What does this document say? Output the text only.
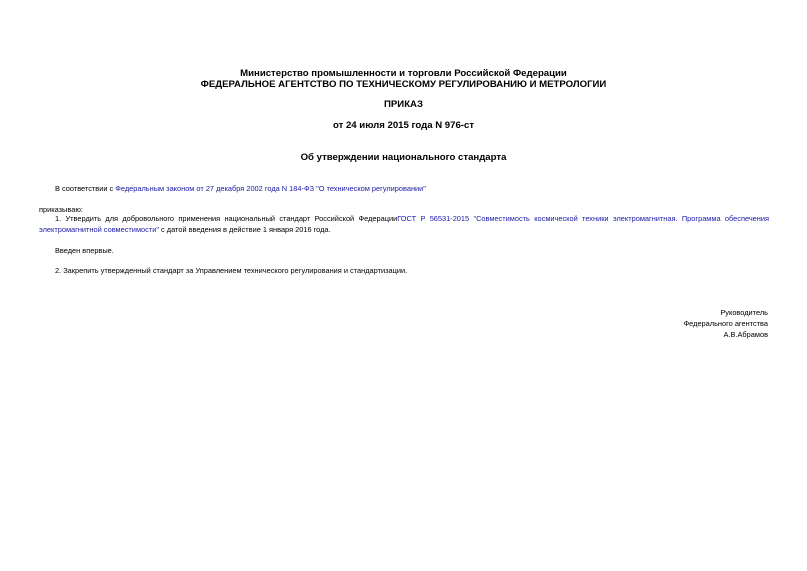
Министерство промышленности и торговли Российской Федерации
ФЕДЕРАЛЬНОЕ АГЕНТСТВО ПО ТЕХНИЧЕСКОМУ РЕГУЛИРОВАНИЮ И МЕТРОЛОГИИ
ПРИКАЗ
от 24 июля 2015 года N 976-ст
Об утверждении национального стандарта
В соответствии с Федеральным законом от 27 декабря 2002 года N 184-ФЗ "О техническом регулировании"
приказываю:
1. Утвердить для добровольного применения национальный стандарт Российской ФедерацииГОСТ Р 56531-2015 "Совместимость космической техники электромагнитная. Программа обеспечения электромагнитной совместимости" с датой введения в действие 1 января 2016 года.
Введен впервые.
2. Закрепить утвержденный стандарт за Управлением технического регулирования и стандартизации.
Руководитель
Федерального агентства
А.В.Абрамов
